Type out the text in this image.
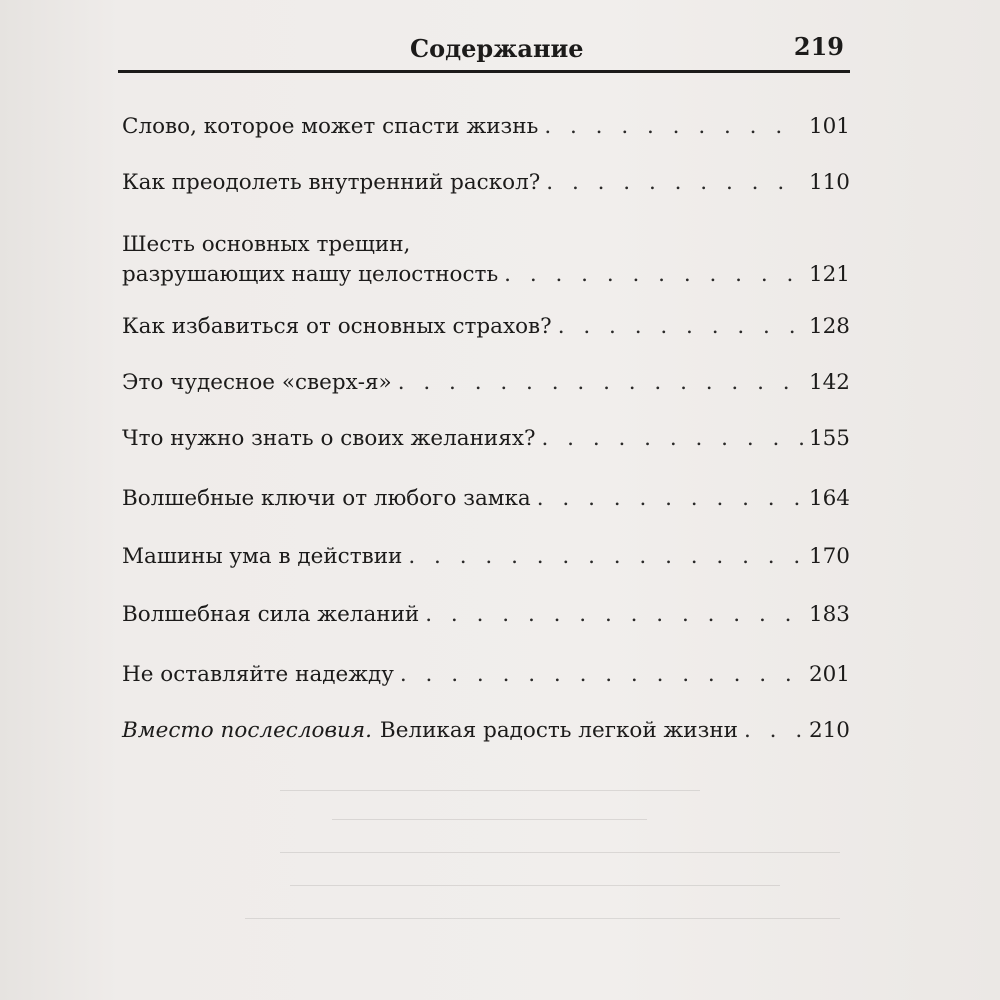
Содержание	219
Слово, которое может спасти жизнь . . .	101
Как преодолеть внутренний раскол? . . .	110
Шесть основных трещин,
разрушающих нашу целостность . . .	121
Как избавиться от основных страхов? . . .	128
Это чудесное «сверх-я» . . .	142
Что нужно знать о своих желаниях? . . .	155
Волшебные ключи от любого замка . . .	164
Машины ума в действии . . .	170
Волшебная сила желаний . . .	183
Не оставляйте надежду . . .	201
Вместо послесловия. Великая радость легкой жизни . . .	210
